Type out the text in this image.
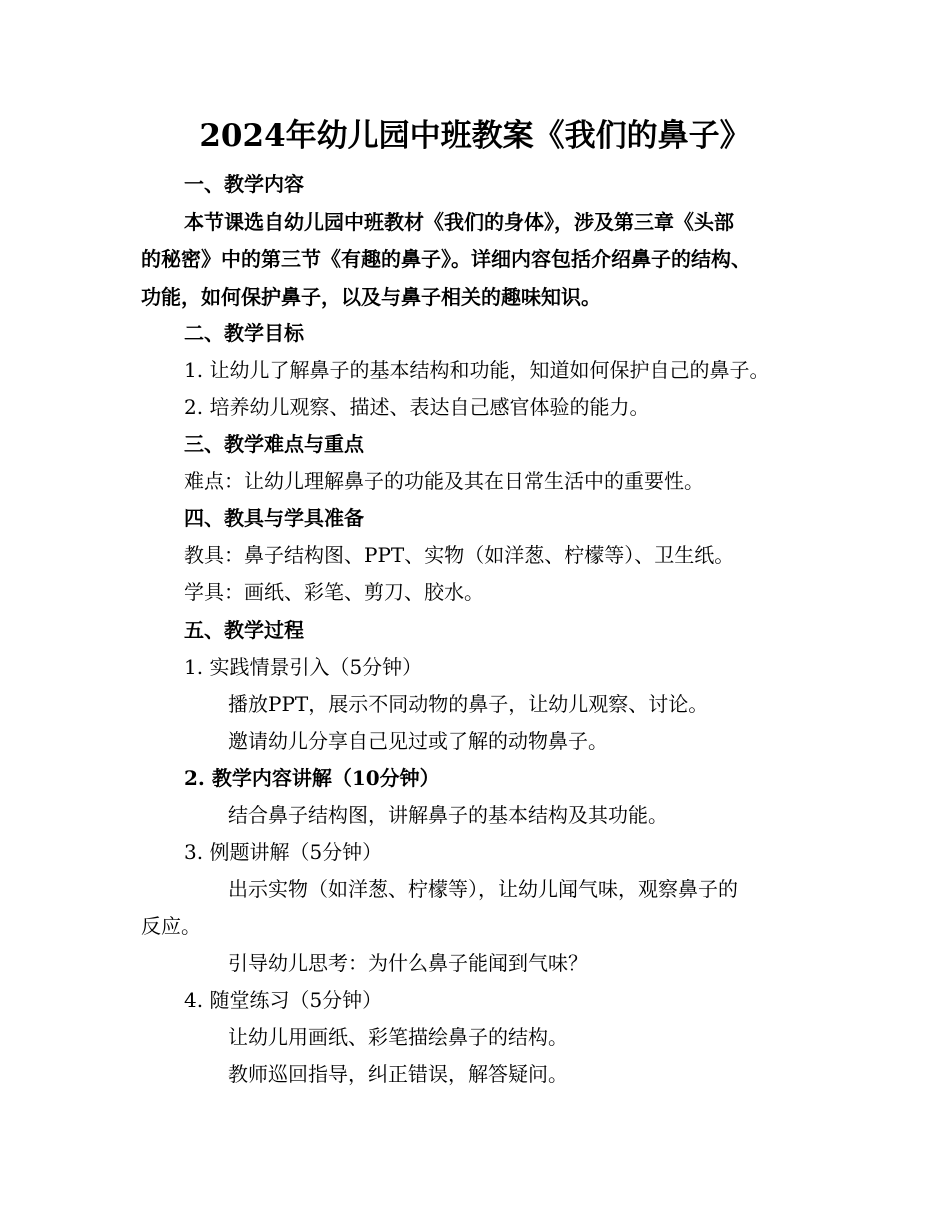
2024年幼儿园中班教案《我们的鼻子》
一、教学内容
本节课选自幼儿园中班教材《我们的身体》，涉及第三章《头部
的秘密》中的第三节《有趣的鼻子》。详细内容包括介绍鼻子的结构、
功能，如何保护鼻子，以及与鼻子相关的趣味知识。
二、教学目标
1. 让幼儿了解鼻子的基本结构和功能，知道如何保护自己的鼻子。
2. 培养幼儿观察、描述、表达自己感官体验的能力。
三、教学难点与重点
难点：让幼儿理解鼻子的功能及其在日常生活中的重要性。
四、教具与学具准备
教具：鼻子结构图、PPT、实物（如洋葱、柠檬等）、卫生纸。
学具：画纸、彩笔、剪刀、胶水。
五、教学过程
1. 实践情景引入（5分钟）
播放PPT，展示不同动物的鼻子，让幼儿观察、讨论。
邀请幼儿分享自己见过或了解的动物鼻子。
2. 教学内容讲解（10分钟）
结合鼻子结构图，讲解鼻子的基本结构及其功能。
3. 例题讲解（5分钟）
出示实物（如洋葱、柠檬等），让幼儿闻气味，观察鼻子的
反应。
引导幼儿思考：为什么鼻子能闻到气味？
4. 随堂练习（5分钟）
让幼儿用画纸、彩笔描绘鼻子的结构。
教师巡回指导，纠正错误，解答疑问。
